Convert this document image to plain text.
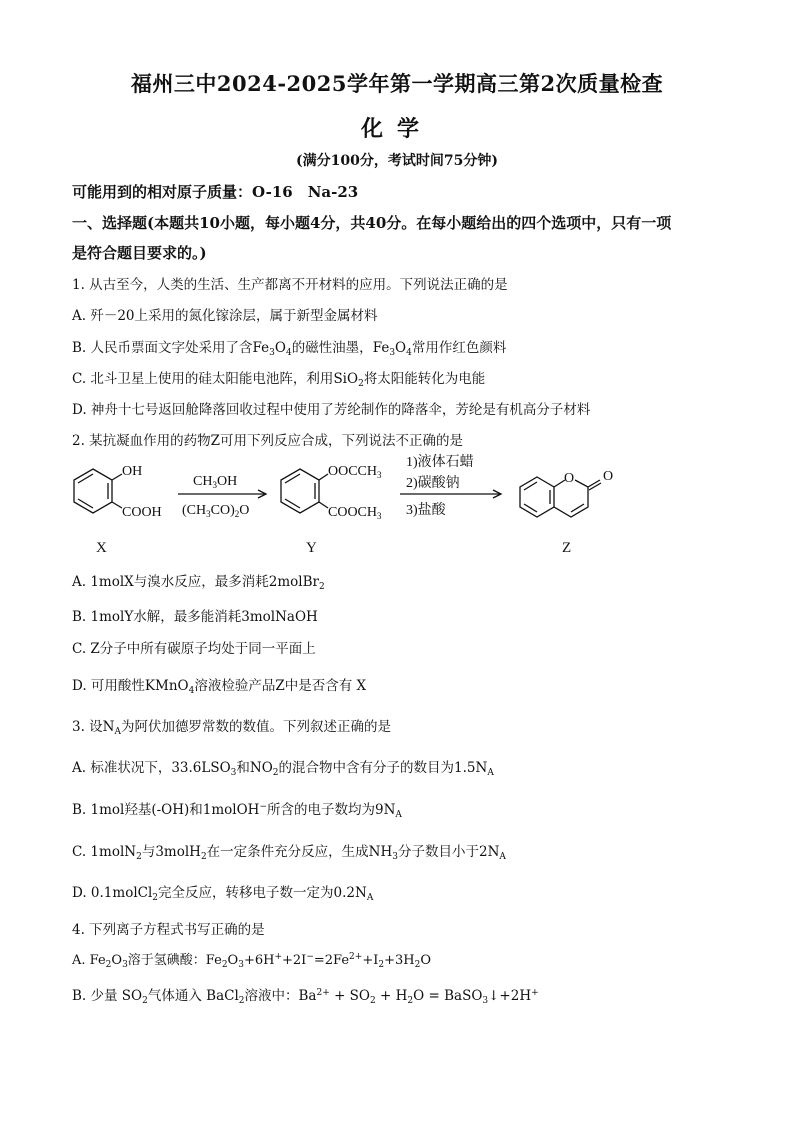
福州三中2024-2025学年第一学期高三第2次质量检查
化学
(满分100分，考试时间75分钟)
可能用到的相对原子质量：O-16　Na-23
一、选择题(本题共10小题，每小题4分，共40分。在每小题给出的四个选项中，只有一项
是符合题目要求的。)
1. 从古至今，人类的生活、生产都离不开材料的应用。下列说法正确的是
A. 歼－20上采用的氮化镓涂层，属于新型金属材料
B. 人民币票面文字处采用了含$Fe_3O_4$的磁性油墨，$Fe_3O_4$常用作红色颜料
C. 北斗卫星上使用的硅太阳能电池阵，利用SiO$_2$将太阳能转化为电能
D. 神舟十七号返回舱降落回收过程中使用了芳纶制作的降落伞，芳纶是有机高分子材料
2. 某抗凝血作用的药物Z可用下列反应合成，下列说法不正确的是
OH
COOH
$CH_3OH$
$(CH_3CO)_2O$
$OOCCH_3$
$COOCH_3$
1)液体石蜡
2)碳酸钠
3)盐酸
O O
X	Y	Z
A. 1molX与溴水反应，最多消耗2molBr$_2$
B. 1molY水解，最多能消耗3molNaOH
C. Z分子中所有碳原子均处于同一平面上
D. 可用酸性KMnO$_4$溶液检验产品Z中是否含有 X
3. 设$N_A$为阿伏加德罗常数的数值。下列叙述正确的是
A. 标准状况下，$33.6LSO_3$和$NO_2$的混合物中含有分子的数目为$1.5N_A$
B. 1mol羟基(-OH)和1molOH−所含的电子数均为$9N_A$
C. 1molN$_2$与3molH$_2$在一定条件充分反应，生成$NH_3$分子数目小于$2N_A$
D. 0.1molCl$_2$完全反应，转移电子数一定为$0.2N_A$
4. 下列离子方程式书写正确的是
A. $Fe_2O_3$溶于氢碘酸：$Fe_2O_3+6H^++2I^-=2Fe^{2+}+I_2+3H_2O$
B. 少量 $SO_2$气体通入 BaCl$_2$溶液中：$Ba^{2+} + SO_2 + H_2O$ = BaSO$_3$↓+2H+
